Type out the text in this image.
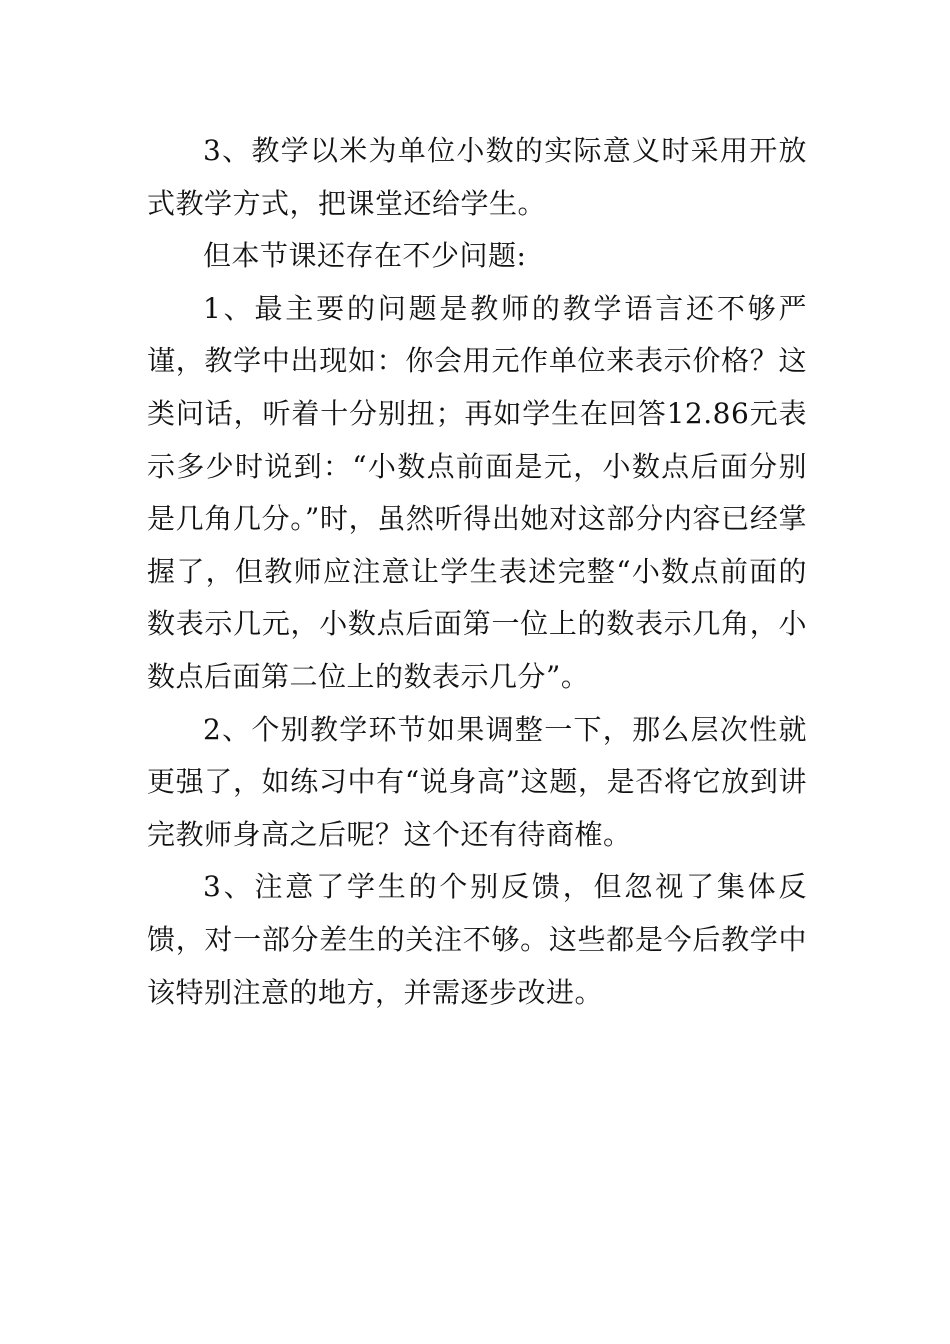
3、教学以米为单位小数的实际意义时采用开放式教学方式，把课堂还给学生。

但本节课还存在不少问题:

1、最主要的问题是教师的教学语言还不够严谨，教学中出现如：你会用元作单位来表示价格？这类问话，听着十分别扭；再如学生在回答12.86元表示多少时说到：“小数点前面是元，小数点后面分别是几角几分。”时，虽然听得出她对这部分内容已经掌握了，但教师应注意让学生表述完整“小数点前面的数表示几元，小数点后面第一位上的数表示几角，小数点后面第二位上的数表示几分”。

2、个别教学环节如果调整一下，那么层次性就更强了，如练习中有“说身高”这题，是否将它放到讲完教师身高之后呢？这个还有待商榷。

3、注意了学生的个别反馈，但忽视了集体反馈，对一部分差生的关注不够。这些都是今后教学中该特别注意的地方，并需逐步改进。
